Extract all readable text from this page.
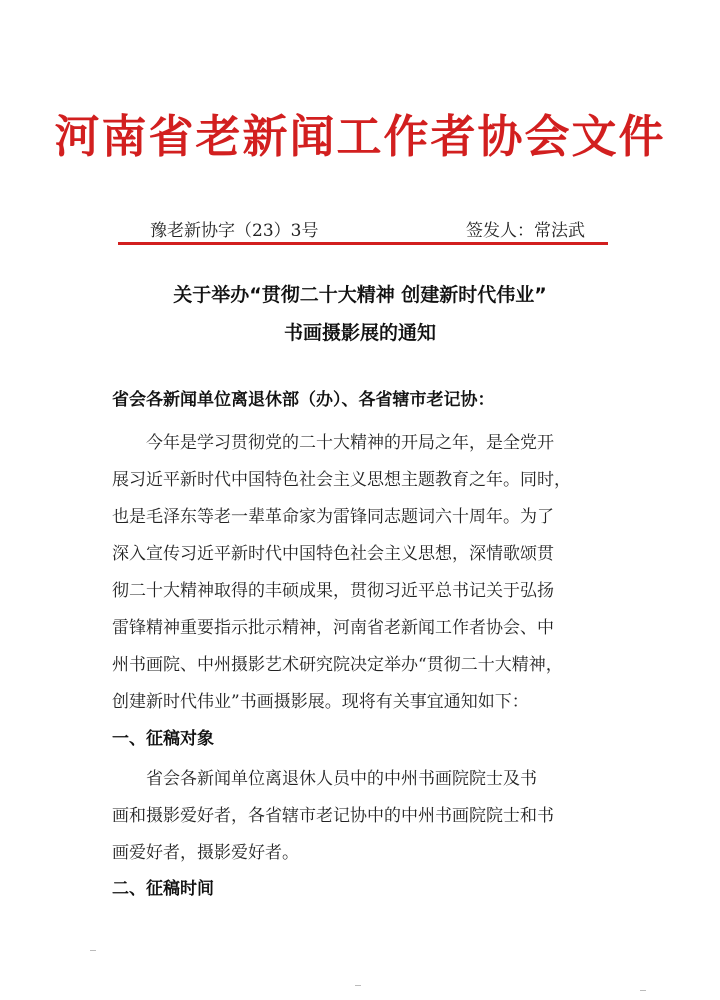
河南省老新闻工作者协会文件
豫老新协字（23）3号	签发人：常法武
关于举办“贯彻二十大精神 创建新时代伟业”
书画摄影展的通知
省会各新闻单位离退休部（办）、各省辖市老记协：
今年是学习贯彻党的二十大精神的开局之年，是全党开
展习近平新时代中国特色社会主义思想主题教育之年。同时，
也是毛泽东等老一辈革命家为雷锋同志题词六十周年。为了
深入宣传习近平新时代中国特色社会主义思想，深情歌颂贯
彻二十大精神取得的丰硕成果，贯彻习近平总书记关于弘扬
雷锋精神重要指示批示精神，河南省老新闻工作者协会、中
州书画院、中州摄影艺术研究院决定举办“贯彻二十大精神，
创建新时代伟业”书画摄影展。现将有关事宜通知如下：
一、征稿对象
省会各新闻单位离退休人员中的中州书画院院士及书
画和摄影爱好者，各省辖市老记协中的中州书画院院士和书
画爱好者，摄影爱好者。
二、征稿时间
